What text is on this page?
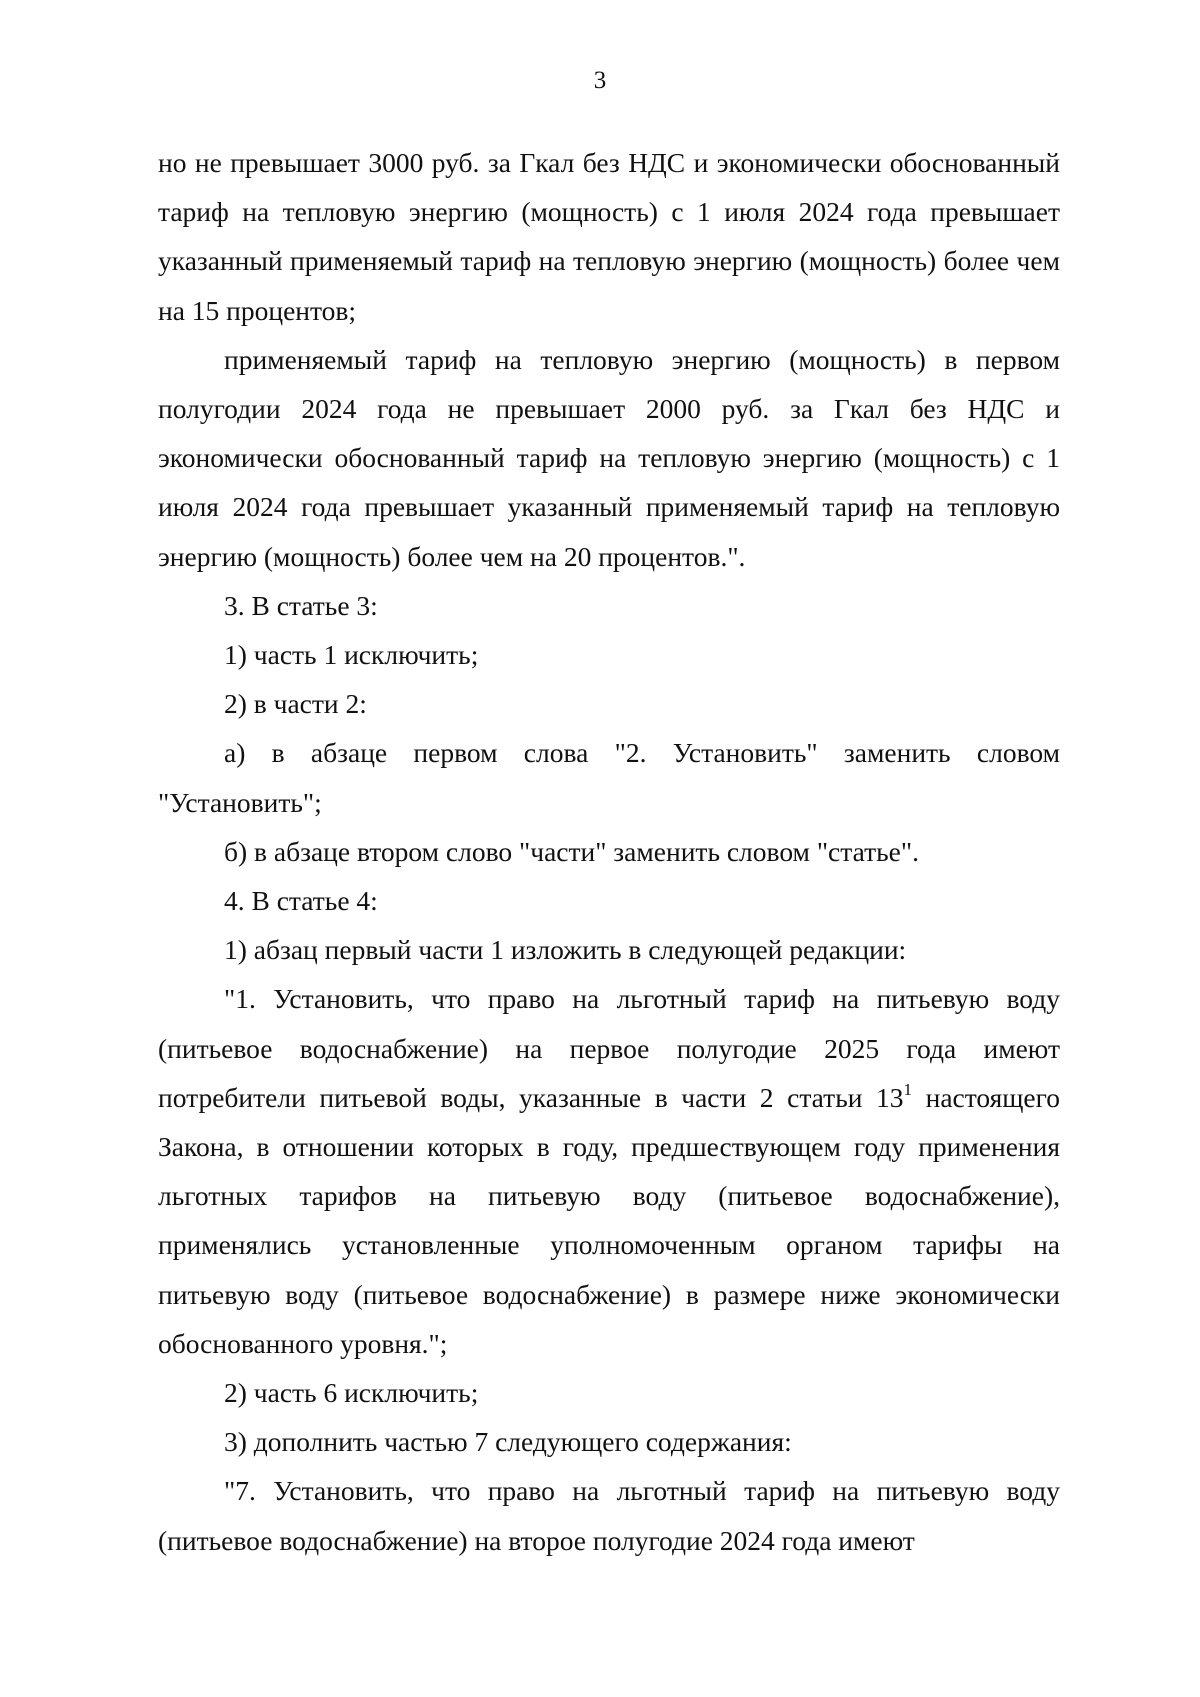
3

но не превышает 3000 руб. за Гкал без НДС и экономически обоснованный тариф на тепловую энергию (мощность) с 1 июля 2024 года превышает указанный применяемый тариф на тепловую энергию (мощность) более чем на 15 процентов;

применяемый тариф на тепловую энергию (мощность) в первом полугодии 2024 года не превышает 2000 руб. за Гкал без НДС и экономически обоснованный тариф на тепловую энергию (мощность) с 1 июля 2024 года превышает указанный применяемый тариф на тепловую энергию (мощность) более чем на 20 процентов.".

3. В статье 3:

1) часть 1 исключить;

2) в части 2:

а) в абзаце первом слова "2. Установить" заменить словом "Установить";

б) в абзаце втором слово "части" заменить словом "статье".

4. В статье 4:

1) абзац первый части 1 изложить в следующей редакции:

"1. Установить, что право на льготный тариф на питьевую воду (питьевое водоснабжение) на первое полугодие 2025 года имеют потребители питьевой воды, указанные в части 2 статьи $13^1$ настоящего Закона, в отношении которых в году, предшествующем году применения льготных тарифов на питьевую воду (питьевое водоснабжение), применялись установленные уполномоченным органом тарифы на питьевую воду (питьевое водоснабжение) в размере ниже экономически обоснованного уровня.";

2) часть 6 исключить;

3) дополнить частью 7 следующего содержания:

"7. Установить, что право на льготный тариф на питьевую воду (питьевое водоснабжение) на второе полугодие 2024 года имеют
